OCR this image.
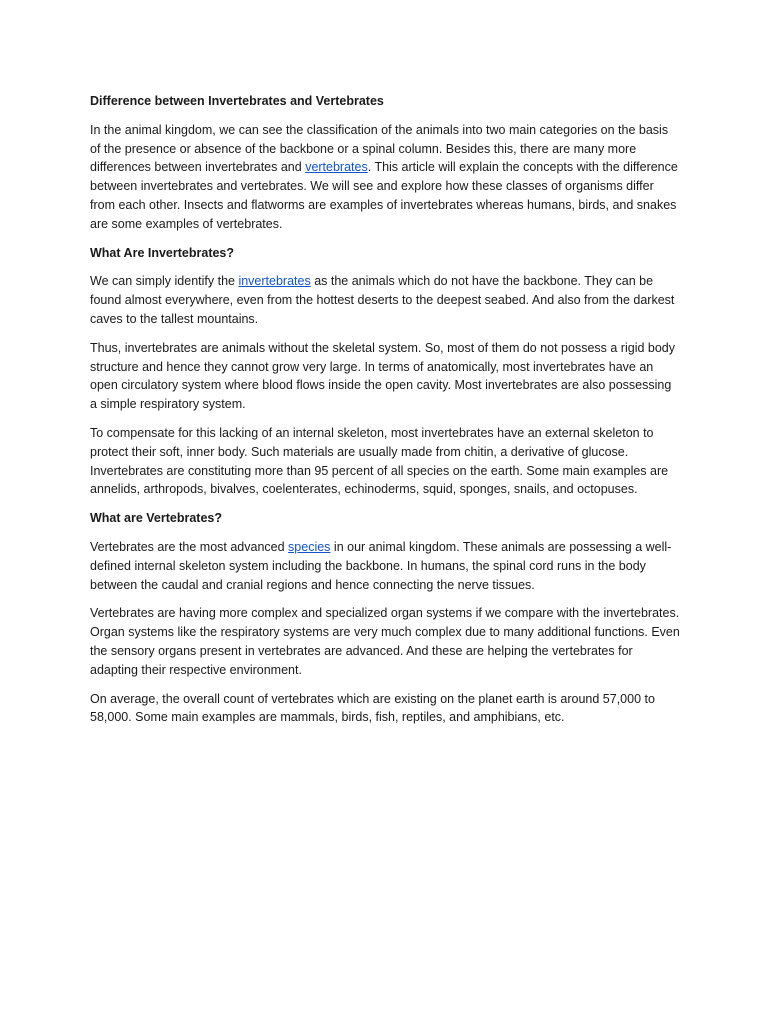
Difference between Invertebrates and Vertebrates

In the animal kingdom, we can see the classification of the animals into two main categories on the basis of the presence or absence of the backbone or a spinal column. Besides this, there are many more differences between invertebrates and vertebrates. This article will explain the concepts with the difference between invertebrates and vertebrates. We will see and explore how these classes of organisms differ from each other. Insects and flatworms are examples of invertebrates whereas humans, birds, and snakes are some examples of vertebrates.

What Are Invertebrates?

We can simply identify the invertebrates as the animals which do not have the backbone. They can be found almost everywhere, even from the hottest deserts to the deepest seabed. And also from the darkest caves to the tallest mountains.

Thus, invertebrates are animals without the skeletal system. So, most of them do not possess a rigid body structure and hence they cannot grow very large. In terms of anatomically, most invertebrates have an open circulatory system where blood flows inside the open cavity. Most invertebrates are also possessing a simple respiratory system.

To compensate for this lacking of an internal skeleton, most invertebrates have an external skeleton to protect their soft, inner body. Such materials are usually made from chitin, a derivative of glucose. Invertebrates are constituting more than 95 percent of all species on the earth. Some main examples are annelids, arthropods, bivalves, coelenterates, echinoderms, squid, sponges, snails, and octopuses.

What are Vertebrates?

Vertebrates are the most advanced species in our animal kingdom. These animals are possessing a well-defined internal skeleton system including the backbone. In humans, the spinal cord runs in the body between the caudal and cranial regions and hence connecting the nerve tissues.

Vertebrates are having more complex and specialized organ systems if we compare with the invertebrates. Organ systems like the respiratory systems are very much complex due to many additional functions. Even the sensory organs present in vertebrates are advanced. And these are helping the vertebrates for adapting their respective environment.

On average, the overall count of vertebrates which are existing on the planet earth is around 57,000 to 58,000. Some main examples are mammals, birds, fish, reptiles, and amphibians, etc.
